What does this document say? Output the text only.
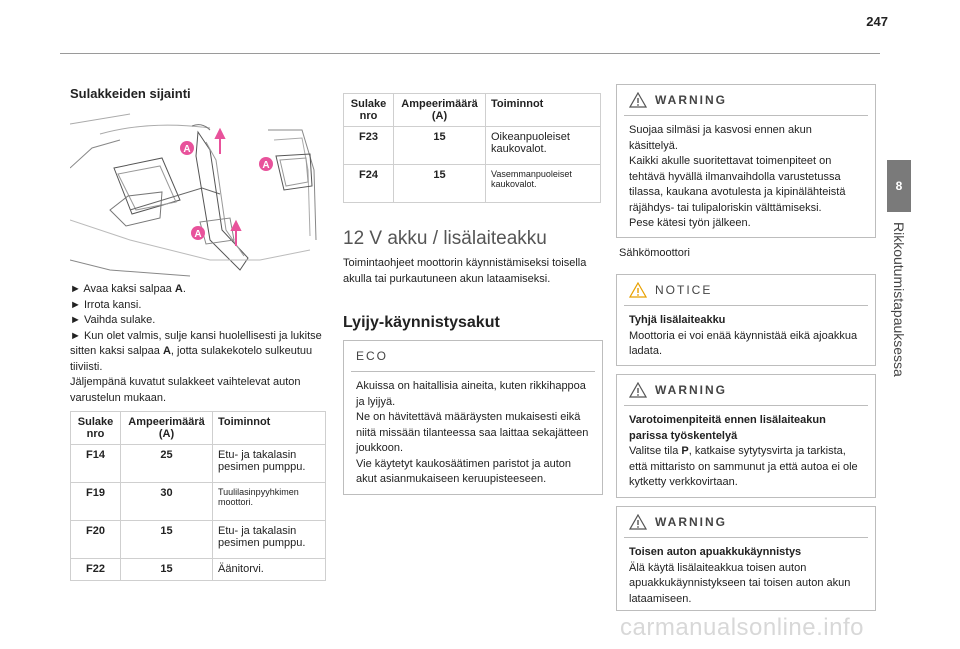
247
8
Rikkoutumistapauksessa
Sulakkeiden sijainti
A
A
A
► Avaa kaksi salpaa A.
► Irrota kansi.
► Vaihda sulake.
► Kun olet valmis, sulje kansi huolellisesti ja lukitse sitten kaksi salpaa A, jotta sulakekotelo sulkeutuu tiiviisti.
Jäljempänä kuvatut sulakkeet vaihtelevat auton varustelun mukaan.
Sulake nro	Ampeerimäärä (A)	Toiminnot
F14	25	Etu- ja takalasin pesimen pumppu.
F19	30	Tuulilasinpyyhkimen moottori.
F20	15	Etu- ja takalasin pesimen pumppu.
F22	15	Äänitorvi.
Sulake nro	Ampeerimäärä (A)	Toiminnot
F23	15	Oikeanpuoleiset kaukovalot.
F24	15	Vasemmanpuoleiset kaukovalot.
12 V akku / lisälaiteakku
Toimintaohjeet moottorin käynnistämiseksi toisella akulla tai purkautuneen akun lataamiseksi.
Lyijy-käynnistysakut
ECO
Akuissa on haitallisia aineita, kuten rikkihappoa ja lyijyä.
Ne on hävitettävä määräysten mukaisesti eikä niitä missään tilanteessa saa laittaa sekajätteen joukkoon.
Vie käytetyt kaukosäätimen paristot ja auton akut asianmukaiseen keruupisteeseen.
WARNING
Suojaa silmäsi ja kasvosi ennen akun käsittelyä.
Kaikki akulle suoritettavat toimenpiteet on tehtävä hyvällä ilmanvaihdolla varustetussa tilassa, kaukana avotulesta ja kipinälähteistä räjähdys- tai tulipaloriskin välttämiseksi.
Pese kätesi työn jälkeen.
Sähkömoottori
NOTICE
Tyhjä lisälaiteakku
Moottoria ei voi enää käynnistää eikä ajoakkua ladata.
WARNING
Varotoimenpiteitä ennen lisälaiteakun parissa työskentelyä
Valitse tila P, katkaise sytytysvirta ja tarkista, että mittaristo on sammunut ja että autoa ei ole kytketty verkkovirtaan.
WARNING
Toisen auton apuakkukäynnistys
Älä käytä lisälaiteakkua toisen auton apuakkukäynnistykseen tai toisen auton akun lataamiseen.
carmanualsonline.info
